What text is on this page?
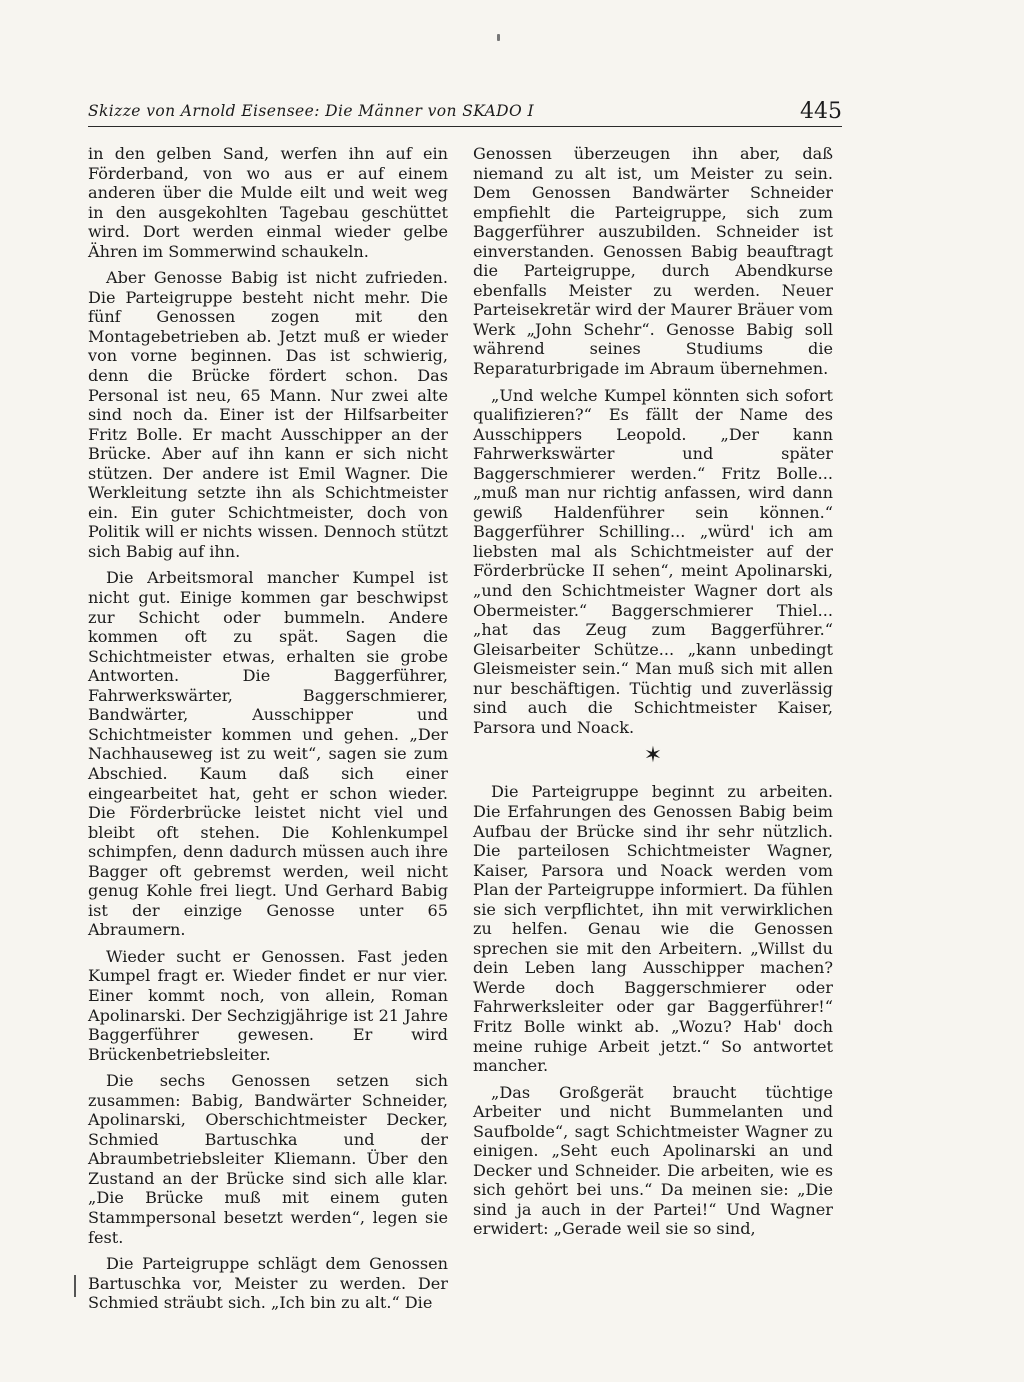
Skizze von Arnold Eisensee: Die Männer von SKADO I	445

in den gelben Sand, werfen ihn auf ein Förderband, von wo aus er auf einem anderen über die Mulde eilt und weit weg in den ausgekohlten Tagebau geschüttet wird. Dort werden einmal wieder gelbe Ähren im Sommerwind schaukeln.

Aber Genosse Babig ist nicht zufrieden. Die Parteigruppe besteht nicht mehr. Die fünf Genossen zogen mit den Montagebetrieben ab. Jetzt muß er wieder von vorne beginnen. Das ist schwierig, denn die Brücke fördert schon. Das Personal ist neu, 65 Mann. Nur zwei alte sind noch da. Einer ist der Hilfsarbeiter Fritz Bolle. Er macht Ausschipper an der Brücke. Aber auf ihn kann er sich nicht stützen. Der andere ist Emil Wagner. Die Werkleitung setzte ihn als Schichtmeister ein. Ein guter Schichtmeister, doch von Politik will er nichts wissen. Dennoch stützt sich Babig auf ihn.

Die Arbeitsmoral mancher Kumpel ist nicht gut. Einige kommen gar beschwipst zur Schicht oder bummeln. Andere kommen oft zu spät. Sagen die Schichtmeister etwas, erhalten sie grobe Antworten. Die Baggerführer, Fahrwerkswärter, Baggerschmierer, Bandwärter, Ausschipper und Schichtmeister kommen und gehen. „Der Nachhauseweg ist zu weit“, sagen sie zum Abschied. Kaum daß sich einer eingearbeitet hat, geht er schon wieder. Die Förderbrücke leistet nicht viel und bleibt oft stehen. Die Kohlenkumpel schimpfen, denn dadurch müssen auch ihre Bagger oft gebremst werden, weil nicht genug Kohle frei liegt. Und Gerhard Babig ist der einzige Genosse unter 65 Abraumern.

Wieder sucht er Genossen. Fast jeden Kumpel fragt er. Wieder findet er nur vier. Einer kommt noch, von allein, Roman Apolinarski. Der Sechzigjährige ist 21 Jahre Baggerführer gewesen. Er wird Brückenbetriebsleiter.

Die sechs Genossen setzen sich zusammen: Babig, Bandwärter Schneider, Apolinarski, Oberschichtmeister Decker, Schmied Bartuschka und der Abraumbetriebsleiter Kliemann. Über den Zustand an der Brücke sind sich alle klar. „Die Brücke muß mit einem guten Stammpersonal besetzt werden“, legen sie fest.

Die Parteigruppe schlägt dem Genossen Bartuschka vor, Meister zu werden. Der Schmied sträubt sich. „Ich bin zu alt.“ Die

Genossen überzeugen ihn aber, daß niemand zu alt ist, um Meister zu sein. Dem Genossen Bandwärter Schneider empfiehlt die Parteigruppe, sich zum Baggerführer auszubilden. Schneider ist einverstanden. Genossen Babig beauftragt die Parteigruppe, durch Abendkurse ebenfalls Meister zu werden. Neuer Parteisekretär wird der Maurer Bräuer vom Werk „John Schehr“. Genosse Babig soll während seines Studiums die Reparaturbrigade im Abraum übernehmen.

„Und welche Kumpel könnten sich sofort qualifizieren?“ Es fällt der Name des Ausschippers Leopold. „Der kann Fahrwerkswärter und später Baggerschmierer werden.“ Fritz Bolle... „muß man nur richtig anfassen, wird dann gewiß Haldenführer sein können.“ Baggerführer Schilling... „würd' ich am liebsten mal als Schichtmeister auf der Förderbrücke II sehen“, meint Apolinarski, „und den Schichtmeister Wagner dort als Obermeister.“ Baggerschmierer Thiel... „hat das Zeug zum Baggerführer.“ Gleisarbeiter Schütze... „kann unbedingt Gleismeister sein.“ Man muß sich mit allen nur beschäftigen. Tüchtig und zuverlässig sind auch die Schichtmeister Kaiser, Parsora und Noack.

✶

Die Parteigruppe beginnt zu arbeiten. Die Erfahrungen des Genossen Babig beim Aufbau der Brücke sind ihr sehr nützlich. Die parteilosen Schichtmeister Wagner, Kaiser, Parsora und Noack werden vom Plan der Parteigruppe informiert. Da fühlen sie sich verpflichtet, ihn mit verwirklichen zu helfen. Genau wie die Genossen sprechen sie mit den Arbeitern. „Willst du dein Leben lang Ausschipper machen? Werde doch Baggerschmierer oder Fahrwerksleiter oder gar Baggerführer!“ Fritz Bolle winkt ab. „Wozu? Hab' doch meine ruhige Arbeit jetzt.“ So antwortet mancher.

„Das Großgerät braucht tüchtige Arbeiter und nicht Bummelanten und Saufbolde“, sagt Schichtmeister Wagner zu einigen. „Seht euch Apolinarski an und Decker und Schneider. Die arbeiten, wie es sich gehört bei uns.“ Da meinen sie: „Die sind ja auch in der Partei!“ Und Wagner erwidert: „Gerade weil sie so sind,
